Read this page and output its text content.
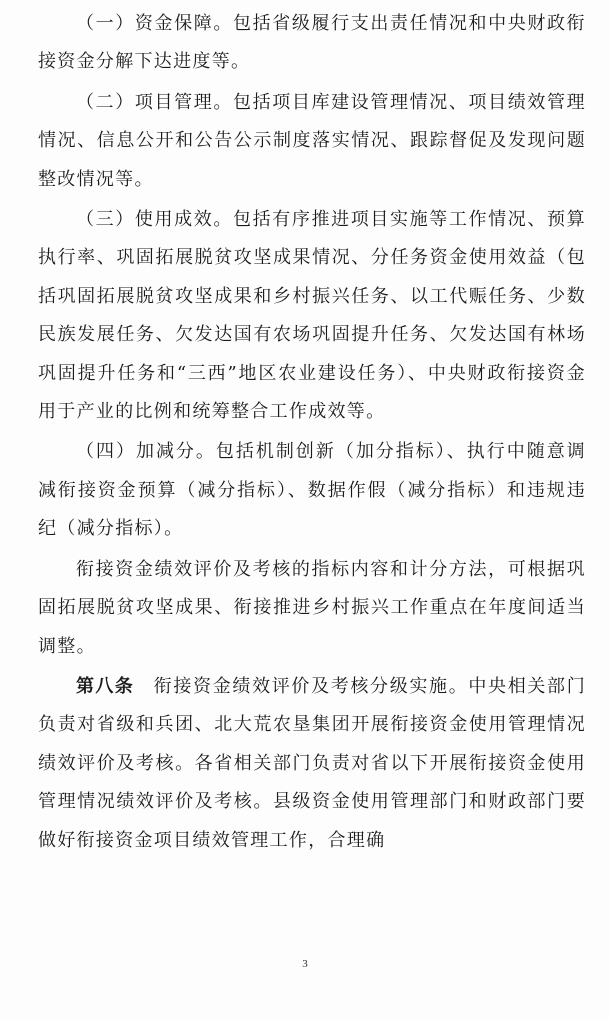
（一）资金保障。包括省级履行支出责任情况和中央财政衔接资金分解下达进度等。

（二）项目管理。包括项目库建设管理情况、项目绩效管理情况、信息公开和公告公示制度落实情况、跟踪督促及发现问题整改情况等。

（三）使用成效。包括有序推进项目实施等工作情况、预算执行率、巩固拓展脱贫攻坚成果情况、分任务资金使用效益（包括巩固拓展脱贫攻坚成果和乡村振兴任务、以工代赈任务、少数民族发展任务、欠发达国有农场巩固提升任务、欠发达国有林场巩固提升任务和“三西”地区农业建设任务）、中央财政衔接资金用于产业的比例和统筹整合工作成效等。

（四）加减分。包括机制创新（加分指标）、执行中随意调减衔接资金预算（减分指标）、数据作假（减分指标）和违规违纪（减分指标）。

衔接资金绩效评价及考核的指标内容和计分方法，可根据巩固拓展脱贫攻坚成果、衔接推进乡村振兴工作重点在年度间适当调整。

第八条　 衔接资金绩效评价及考核分级实施。中央相关部门负责对省级和兵团、北大荒农垦集团开展衔接资金使用管理情况绩效评价及考核。各省相关部门负责对省以下开展衔接资金使用管理情况绩效评价及考核。县级资金使用管理部门和财政部门要做好衔接资金项目绩效管理工作，合理确

3
